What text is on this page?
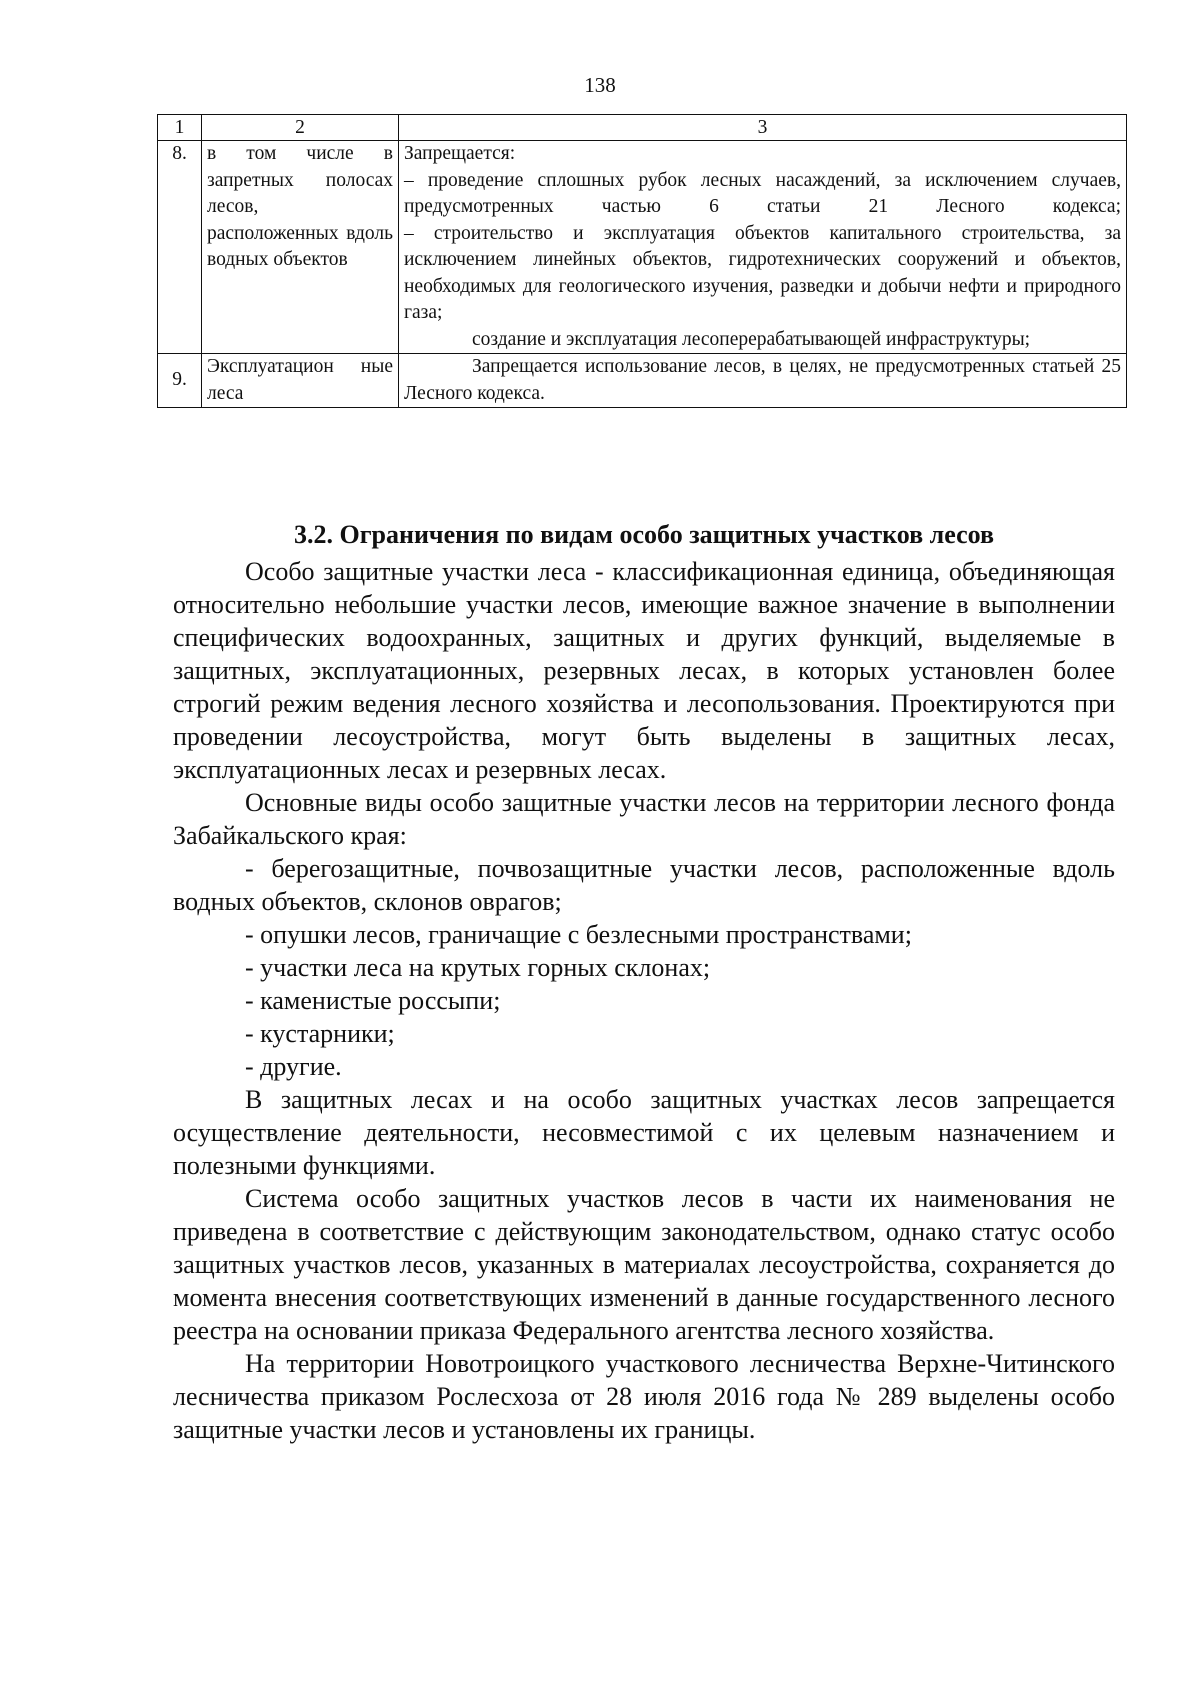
138
1	2	3
8.	в том числе в запретных полосах лесов, расположенных вдоль водных объектов	Запрещается:

– проведение сплошных рубок лесных насаждений, за исключением случаев, предусмотренных частью 6 статьи 21 Лесного кодекса;

– строительство и эксплуатация объектов капитального строительства, за исключением линейных объектов, гидротехнических сооружений и объектов, необходимых для геологического изучения, разведки и добычи нефти и природного газа;

создание и эксплуатация лесоперерабатывающей инфраструктуры;

9.	Эксплуатацион ные леса	Запрещается использование лесов, в целях, не предусмотренных статьей 25 Лесного кодекса.

3.2. Ограничения по видам особо защитных участков лесов

Особо защитные участки леса - классификационная единица, объединяющая относительно небольшие участки лесов, имеющие важное значение в выполнении специфических водоохранных, защитных и других функций, выделяемые в защитных, эксплуатационных, резервных лесах, в которых установлен более строгий режим ведения лесного хозяйства и лесопользования. Проектируются при проведении лесоустройства, могут быть выделены в защитных лесах, эксплуатационных лесах и резервных лесах.

Основные виды особо защитные участки лесов на территории лесного фонда Забайкальского края:

- берегозащитные, почвозащитные участки лесов, расположенные вдоль водных объектов, склонов оврагов;

- опушки лесов, граничащие с безлесными пространствами;

- участки леса на крутых горных склонах;

- каменистые россыпи;

- кустарники;

- другие.

В защитных лесах и на особо защитных участках лесов запрещается осуществление деятельности, несовместимой с их целевым назначением и полезными функциями.

Система особо защитных участков лесов в части их наименования не приведена в соответствие с действующим законодательством, однако статус особо защитных участков лесов, указанных в материалах лесоустройства, сохраняется до момента внесения соответствующих изменений в данные государственного лесного реестра на основании приказа Федерального агентства лесного хозяйства.

На территории Новотроицкого участкового лесничества Верхне-Читинского лесничества приказом Рослесхоза от 28 июля 2016 года № 289 выделены особо защитные участки лесов и установлены их границы.
